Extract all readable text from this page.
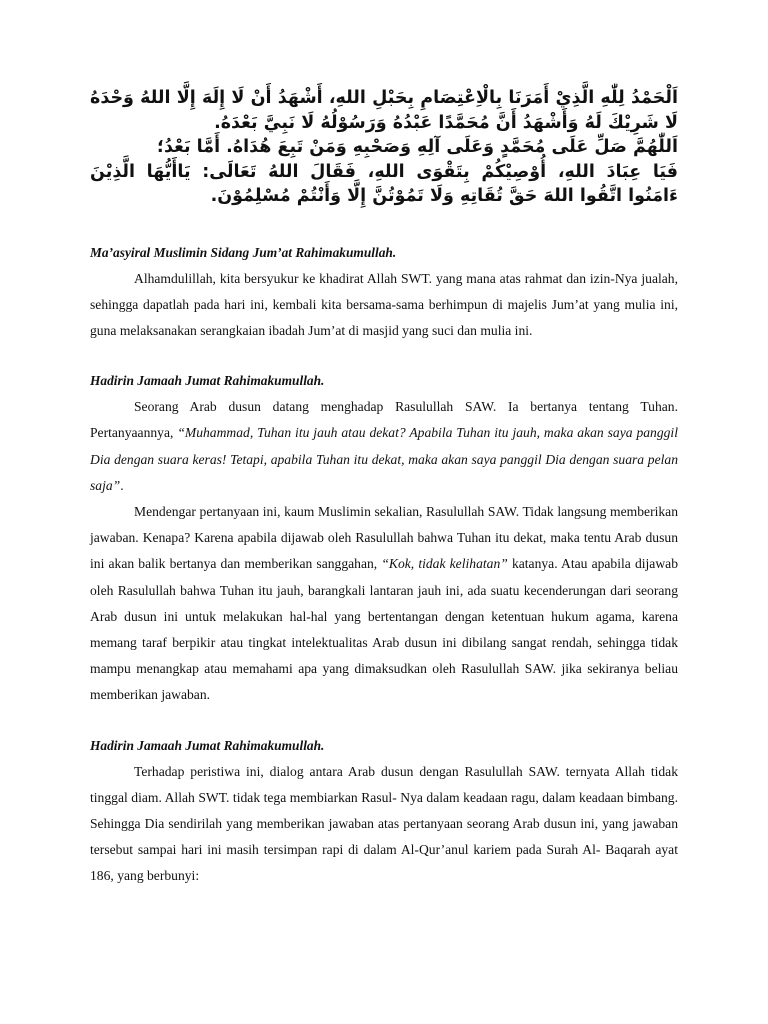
اَلْحَمْدُ لِلّٰهِ الَّذِيْ أَمَرَنَا بِالْاِعْتِصَامِ بِحَبْلِ اللهِ، أَشْهَدُ أَنْ لَا إِلَهَ إِلَّا اللهُ وَحْدَهُ لَا شَرِيْكَ لَهُ وَأَشْهَدُ أَنَّ مُحَمَّدًا عَبْدُهُ وَرَسُوْلُهُ لَا نَبِيَّ بَعْدَهُ.

اَللّٰهُمَّ صَلِّ عَلَى مُحَمَّدٍ وَعَلَى آلِهِ وَصَحْبِهِ وَمَنْ تَبِعَ هُدَاهُ. أَمَّا بَعْدُ؛

فَيَا عِبَادَ اللهِ، أُوْصِيْكُمْ بِتَقْوَى اللهِ، فَقَالَ اللهُ تَعَالَى: يَاأَيُّهَا الَّذِيْنَ ءَامَنُوا اتَّقُوا اللهَ حَقَّ تُقَاتِهِ وَلَا تَمُوْتُنَّ إِلَّا وَأَنْتُمْ مُسْلِمُوْنَ.

Ma’asyiral Muslimin Sidang Jum’at Rahimakumullah.

Alhamdulillah, kita bersyukur ke khadirat Allah SWT. yang mana atas rahmat dan izin-Nya jualah, sehingga dapatlah pada hari ini, kembali kita bersama-sama berhimpun di majelis Jum’at yang mulia ini, guna melaksanakan serangkaian ibadah Jum’at di masjid yang suci dan mulia ini.

Hadirin Jamaah Jumat Rahimakumullah.

Seorang Arab dusun datang menghadap Rasulullah SAW. Ia bertanya tentang Tuhan. Pertanyaannya, “Muhammad, Tuhan itu jauh atau dekat? Apabila Tuhan itu jauh, maka akan saya panggil Dia dengan suara keras! Tetapi, apabila Tuhan itu dekat, maka akan saya panggil Dia dengan suara pelan saja”.

Mendengar pertanyaan ini, kaum Muslimin sekalian, Rasulullah SAW. Tidak langsung memberikan jawaban. Kenapa? Karena apabila dijawab oleh Rasulullah bahwa Tuhan itu dekat, maka tentu Arab dusun ini akan balik bertanya dan memberikan sanggahan, “Kok, tidak kelihatan” katanya. Atau apabila dijawab oleh Rasulullah bahwa Tuhan itu jauh, barangkali lantaran jauh ini, ada suatu kecenderungan dari seorang Arab dusun ini untuk melakukan hal-hal yang bertentangan dengan ketentuan hukum agama, karena memang taraf berpikir atau tingkat intelektualitas Arab dusun ini dibilang sangat rendah, sehingga tidak mampu menangkap atau memahami apa yang dimaksudkan oleh Rasulullah SAW. jika sekiranya beliau memberikan jawaban.

Hadirin Jamaah Jumat Rahimakumullah.

Terhadap peristiwa ini, dialog antara Arab dusun dengan Rasulullah SAW. ternyata Allah tidak tinggal diam. Allah SWT. tidak tega membiarkan Rasul- Nya dalam keadaan ragu, dalam keadaan bimbang. Sehingga Dia sendirilah yang memberikan jawaban atas pertanyaan seorang Arab dusun ini, yang jawaban tersebut sampai hari ini masih tersimpan rapi di dalam Al-Qur’anul kariem pada Surah Al- Baqarah ayat 186, yang berbunyi:
